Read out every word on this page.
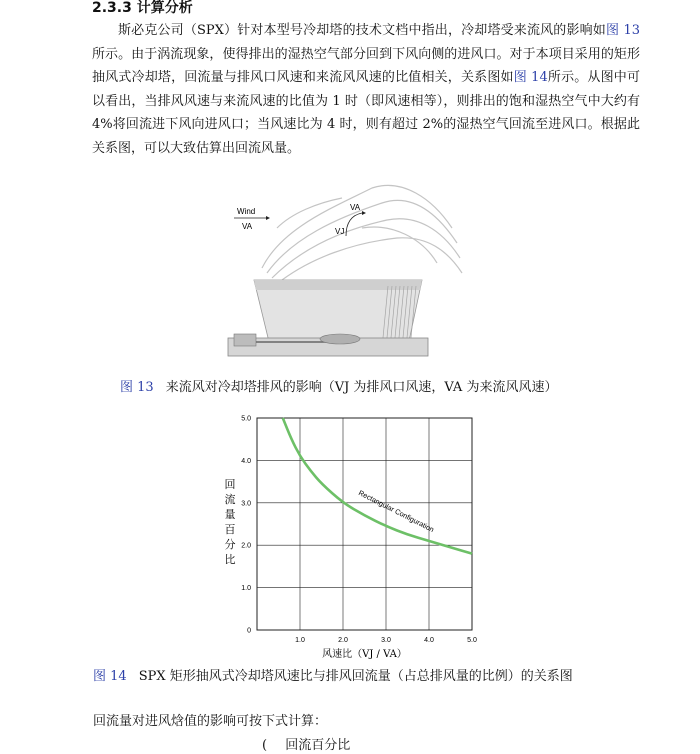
2.3.3 计算分析
斯必克公司（SPX）针对本型号冷却塔的技术文档中指出，冷却塔受来流风的影响如图 13所示。由于涡流现象，使得排出的湿热空气部分回到下风向侧的进风口。对于本项目采用的矩形抽风式冷却塔，回流量与排风口风速和来流风风速的比值相关，关系图如图 14所示。从图中可以看出，当排风风速与来流风速的比值为 1 时（即风速相等），则排出的饱和湿热空气中大约有 4%将回流进下风向进风口；当风速比为 4 时，则有超过 2%的湿热空气回流至进风口。根据此关系图，可以大致估算出回流风量。
Wind
VA
VA
VJ
图 13 来流风对冷却塔排风的影响（VJ 为排风口风速，VA 为来流风风速）
1.0	2.0	3.0	4.0	5.0
0
1.0
2.0
3.0
4.0
5.0
回
流
量
百
分
比
风速比（VJ / VA）
Rectangular Configuration
图 14 SPX 矩形抽风式冷却塔风速比与排风回流量（占总排风量的比例）的关系图
回流量对进风焓值的影响可按下式计算：
( 回流百分比
